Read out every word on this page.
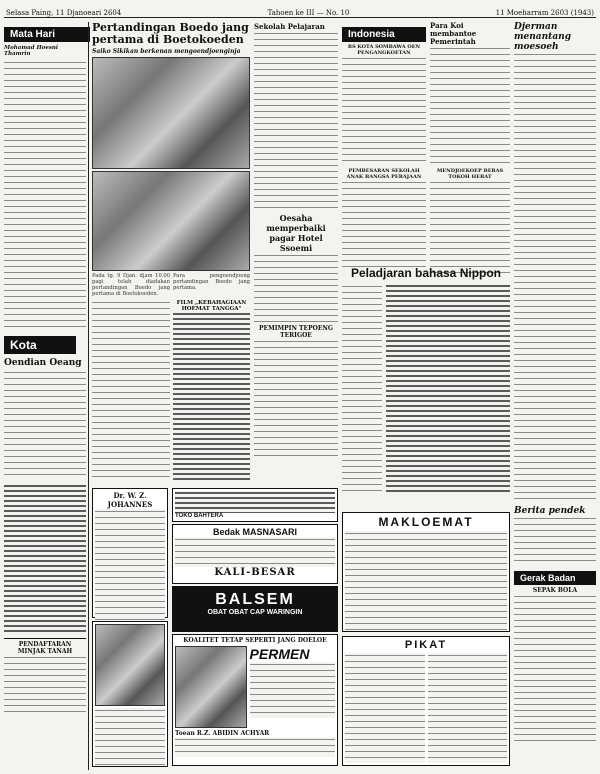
Selasa Paing, 11 Djanoeari 2604	Tahoen ke III — No. 10	11 Moeharram 2603 (1943)
Mata Hari
Mohamad Hoesni Thamrin
Kota
Oendian Oeang
PENDAFTARAN MINJAK TANAH
Pertandingan Boedo jang pertama di Boetokoeden
Saiko Sikikan berkenan mengoendjoenginja
Pada tg. 9 Djan. djam 10.00 pagi telah diadakan pertandingan Boedo jang pertama di Boetokoeden.
Para pengoendjoeng pertandingan Boedo jang pertama.
FILM „KEBAHAGIAAN HOEMAT TANGGA"
Sekolah Pelajaran
Oesaha memperbaiki pagar Hotel Ssoemi
PEMIMPIN TEPOENG TERIGOE
Indonesia
RS KOTA SOMBAWA OEN PENGANGKOETAN
PEMBESARAN SEKOLAH ANAK BANGSA PERAJAAN
Para Koi membantoe Pemerintah
MENDJOEKOEP BERAS TOKOH HEBAT
Djerman menantang moesoeh
Berita pendek
Gerak Badan
SEPAK BOLA
Peladjaran bahasa Nippon
TOKO BAHTERA
Bedak MASNASARI
KALI-BESAR
BALSEM
OBAT OBAT CAP WARINGIN
KOALITET TETAP SEPERTI JANG DOELOE
PERMEN
Toean R.Z. ABIDIN ACHYAR
Dr. W. Z. JOHANNES
MAKLOEMAT
PIKAT
